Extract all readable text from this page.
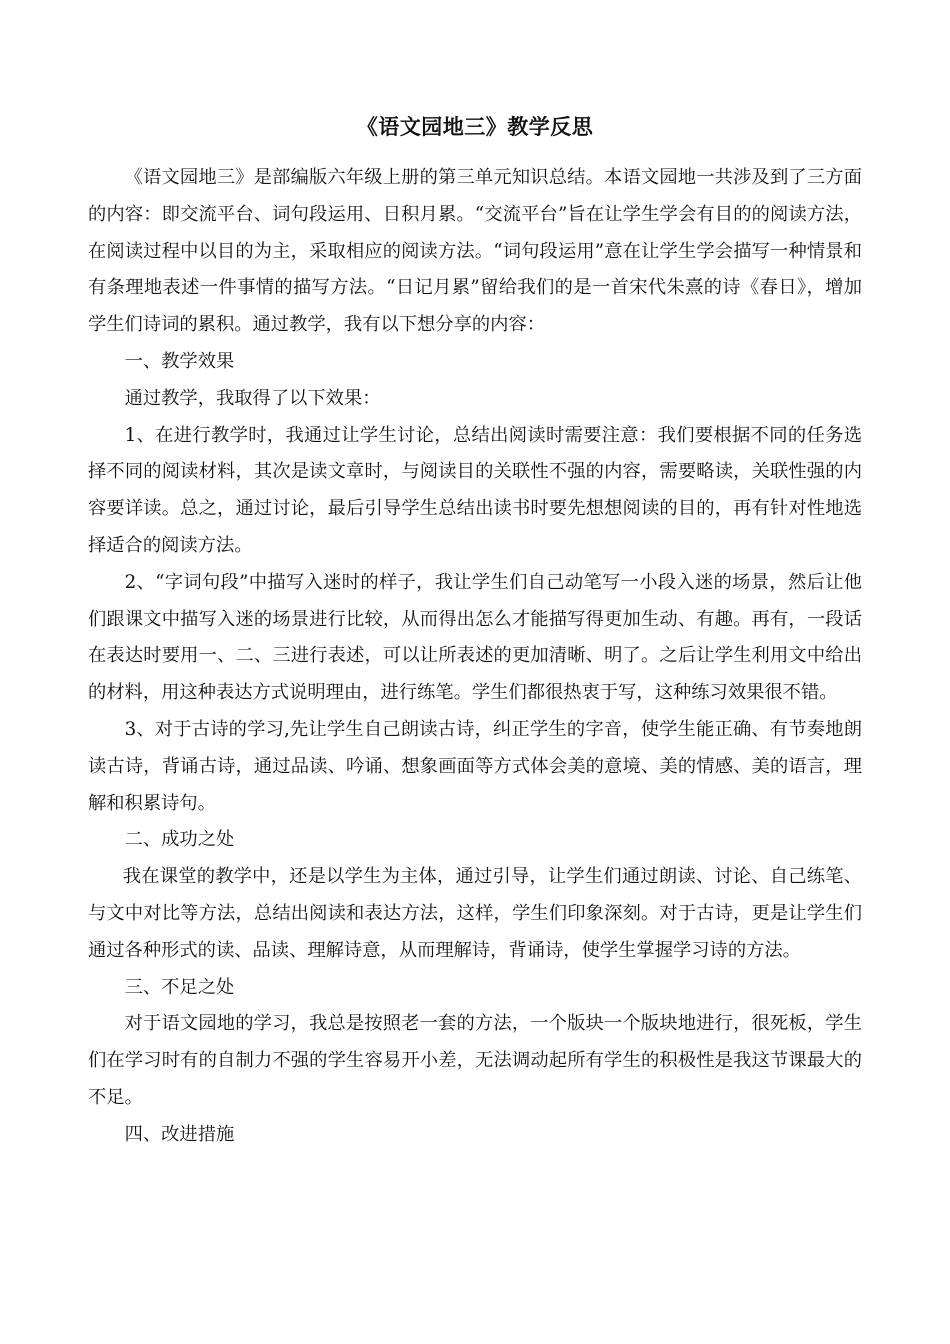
《语文园地三》教学反思

《语文园地三》是部编版六年级上册的第三单元知识总结。本语文园地一共涉及到了三方面的内容：即交流平台、词句段运用、日积月累。“交流平台”旨在让学生学会有目的的阅读方法，在阅读过程中以目的为主，采取相应的阅读方法。“词句段运用”意在让学生学会描写一种情景和有条理地表述一件事情的描写方法。“日记月累”留给我们的是一首宋代朱熹的诗《春日》，增加学生们诗词的累积。通过教学，我有以下想分享的内容：

一、教学效果

通过教学，我取得了以下效果：

1、在进行教学时，我通过让学生讨论，总结出阅读时需要注意：我们要根据不同的任务选择不同的阅读材料，其次是读文章时，与阅读目的关联性不强的内容，需要略读，关联性强的内容要详读。总之，通过讨论，最后引导学生总结出读书时要先想想阅读的目的，再有针对性地选择适合的阅读方法。

2、“字词句段”中描写入迷时的样子，我让学生们自己动笔写一小段入迷的场景，然后让他们跟课文中描写入迷的场景进行比较，从而得出怎么才能描写得更加生动、有趣。再有，一段话在表达时要用一、二、三进行表述，可以让所表述的更加清晰、明了。之后让学生利用文中给出的材料，用这种表达方式说明理由，进行练笔。学生们都很热衷于写，这种练习效果很不错。

3、对于古诗的学习,先让学生自己朗读古诗，纠正学生的字音，使学生能正确、有节奏地朗读古诗，背诵古诗，通过品读、吟诵、想象画面等方式体会美的意境、美的情感、美的语言，理解和积累诗句。

二、成功之处

我在课堂的教学中，还是以学生为主体，通过引导，让学生们通过朗读、讨论、自己练笔、与文中对比等方法，总结出阅读和表达方法，这样，学生们印象深刻。对于古诗，更是让学生们通过各种形式的读、品读、理解诗意，从而理解诗，背诵诗，使学生掌握学习诗的方法。

三、不足之处

对于语文园地的学习，我总是按照老一套的方法，一个版块一个版块地进行，很死板，学生们在学习时有的自制力不强的学生容易开小差，无法调动起所有学生的积极性是我这节课最大的不足。

四、改进措施
